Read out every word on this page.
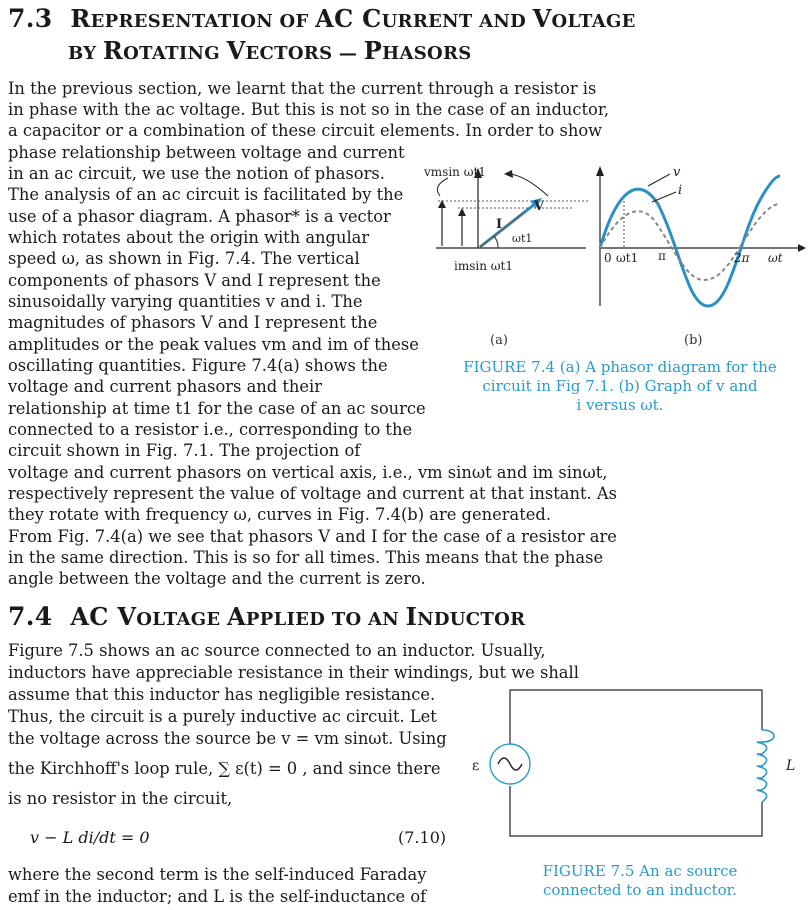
7.3 REPRESENTATION OF AC CURRENT AND VOLTAGE
BY ROTATING VECTORS — PHASORS
In the previous section, we learnt that the current through a resistor is
in phase with the ac voltage. But this is not so in the case of an inductor,
a capacitor or a combination of these circuit elements. In order to show
phase relationship between voltage and current
in an ac circuit, we use the notion of phasors.
The analysis of an ac circuit is facilitated by the
use of a phasor diagram. A phasor* is a vector
which rotates about the origin with angular
speed ω, as shown in Fig. 7.4. The vertical
components of phasors V and I represent the
sinusoidally varying quantities v and i. The
magnitudes of phasors V and I represent the
amplitudes or the peak values vm and im of these
oscillating quantities. Figure 7.4(a) shows the
voltage and current phasors and their
relationship at time t1 for the case of an ac source
connected to a resistor i.e., corresponding to the
circuit shown in Fig. 7.1. The projection of
voltage and current phasors on vertical axis, i.e., vm sinωt and im sinωt,
respectively represent the value of voltage and current at that instant. As
they rotate with frequency ω, curves in Fig. 7.4(b) are generated.
From Fig. 7.4(a) we see that phasors V and I for the case of a resistor are
in the same direction. This is so for all times. This means that the phase
angle between the voltage and the current is zero.
vmsin ωt1
imsin ωt1
V
I
ωt1
v
i
0 ωt1 π	2π ωt
(a)	(b)
FIGURE 7.4 (a) A phasor diagram for the
circuit in Fig 7.1. (b) Graph of v and
i versus ωt.
7.4 AC VOLTAGE APPLIED TO AN INDUCTOR
Figure 7.5 shows an ac source connected to an inductor. Usually,
inductors have appreciable resistance in their windings, but we shall
assume that this inductor has negligible resistance.
Thus, the circuit is a purely inductive ac circuit. Let
the voltage across the source be v = vm sinωt. Using
the Kirchhoff's loop rule, ∑ ε(t) = 0 , and since there
is no resistor in the circuit,
v − L di/dt = 0	(7.10)
where the second term is the self-induced Faraday
emf in the inductor; and L is the self-inductance of
ε	L
FIGURE 7.5 An ac source
connected to an inductor.
